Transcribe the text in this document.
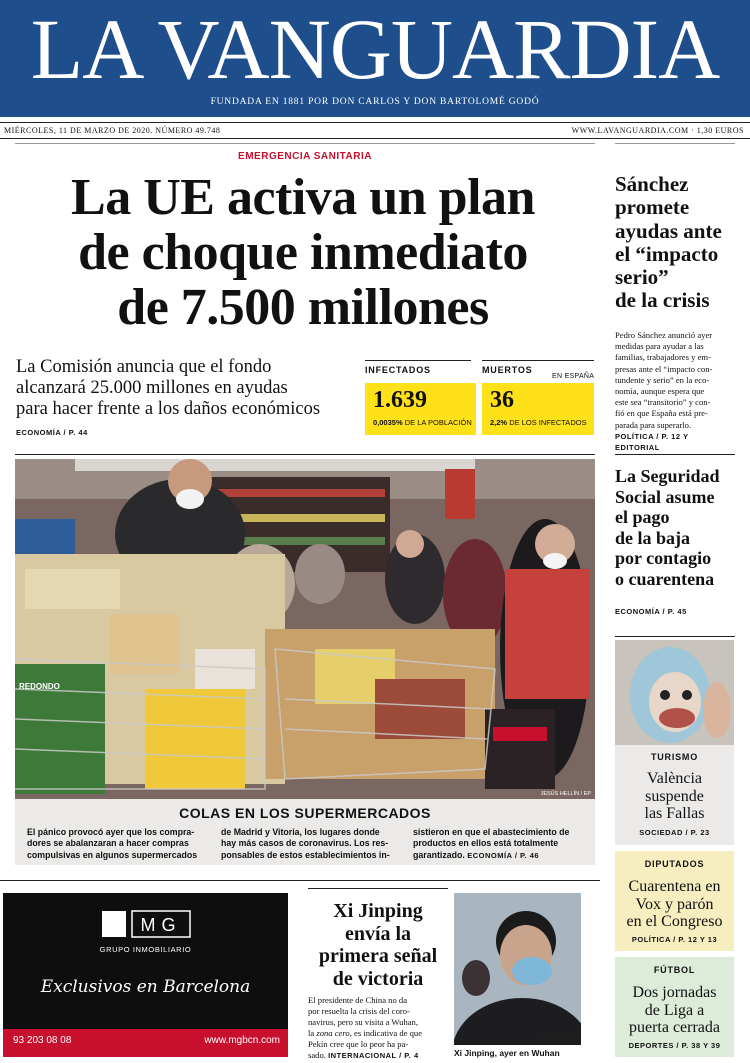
LA VANGUARDIA
FUNDADA EN 1881 POR DON CARLOS Y DON BARTOLOMÉ GODÓ
MIÉRCOLES, 11 DE MARZO DE 2020. NÚMERO 49.748	WWW.LAVANGUARDIA.COM · 1,30 EUROS
EMERGENCIA SANITARIA
La UE activa un plan
de choque inmediato
de 7.500 millones
La Comisión anuncia que el fondo
alcanzará 25.000 millones en ayudas
para hacer frente a los daños económicos
ECONOMÍA / P. 44
INFECTADOS	MUERTOS
EN ESPAÑA
1.639
0,0035% DE LA POBLACIÓN
36
2,2% DE LOS INFECTADOS
REDONDO
JESÚS HELLÍN / EP
COLAS EN LOS SUPERMERCADOS
El pánico provocó ayer que los compra-
dores se abalanzaran a hacer compras
compulsivas en algunos supermercados
de Madrid y Vitoria, los lugares donde
hay más casos de coronavirus. Los res-
ponsables de estos establecimientos in-
sistieron en que el abastecimiento de
productos en ellos está totalmente
garantizado. ECONOMÍA / P. 46
Sánchez
promete
ayudas ante
el “impacto
serio”
de la crisis
Pedro Sánchez anunció ayer
medidas para ayudar a las
familias, trabajadores y em-
presas ante el “impacto con-
tundente y serio” en la eco-
nomía, aunque espera que
este sea “transitorio” y con-
fió en que España está pre-
parada para superarlo.
POLÍTICA / P. 12 Y EDITORIAL
La Seguridad
Social asume
el pago
de la baja
por contagio
o cuarentena
ECONOMÍA / P. 45
TURISMO
València
suspende
las Fallas
SOCIEDAD / P. 23
DIPUTADOS
Cuarentena en
Vox y parón
en el Congreso
POLÍTICA / P. 12 Y 13
FÚTBOL
Dos jornadas
de Liga a
puerta cerrada
DEPORTES / P. 38 Y 39
MG
GRUPO INMOBILIARIO
Exclusivos en Barcelona
93 203 08 08	www.mgbcn.com
Xi Jinping
envía la
primera señal
de victoria
El presidente de China no da
por resuelta la crisis del coro-
navirus, pero su visita a Wuhan,
la zona cero, es indicativa de que
Pekín cree que lo peor ha pa-
sado. INTERNACIONAL / P. 4
XIE HUANCHI / AP
Xi Jinping, ayer en Wuhan
